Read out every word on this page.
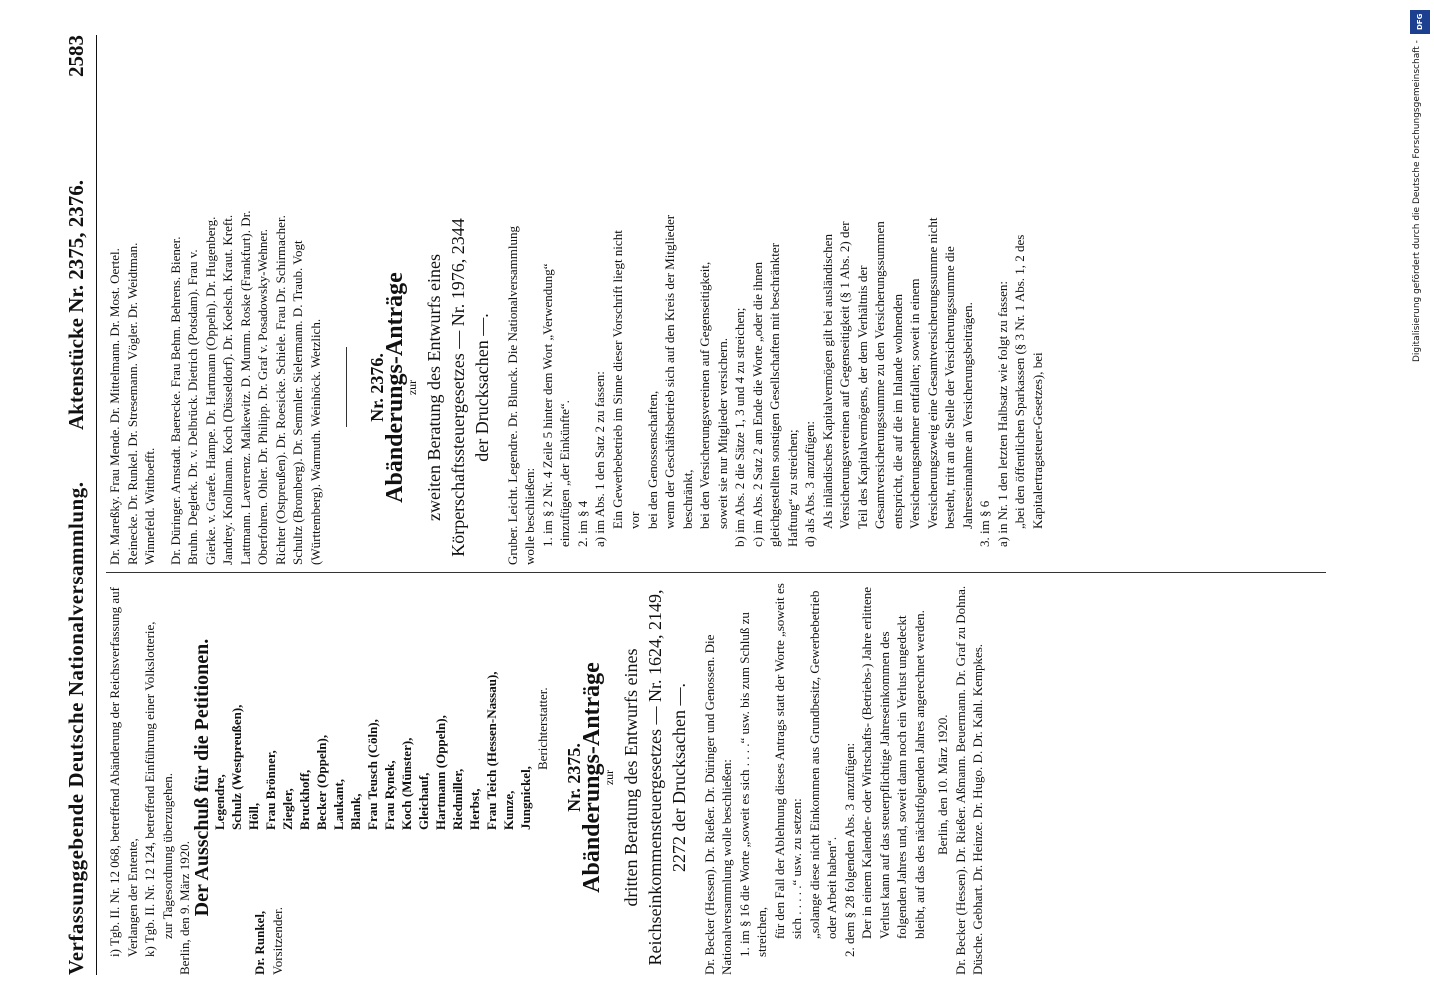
Verfassunggebende Deutsche Nationalversammlung.
Aktenstücke Nr. 2375, 2376.
2583

i) Tgb. II. Nr. 12 068, betreffend Abänderung der Reichsverfassung auf Verlangen der Entente, k) Tgb. II. Nr. 12 124, betreffend Einführung einer Volkslotterie, zur Tagesordnung überzugehen. Berlin, den 9. März 1920.

Der Ausschuß für die Petitionen. Legendre, Schulz (Westpreußen), Höll, Frau Brönner, Ziegler, Bruckhoff, Becker (Oppeln), Laukant, Blank, Frau Teusch (Cöln), Frau Rynek, Koch (Münster), Gleichauf, Hartmann (Oppeln), Riedmiller, Herbst, Frau Teich (Hessen-Nassau), Kunze, Jungnickel,
Berichterstatter.

Dr. Runkel, Vorsitzender.

Nr. 2375.

Abänderungs-Anträge

zur dritten Beratung des Entwurfs eines Reichseinkommensteuergesetzes — Nr. 1624, 2149, 2272 der Drucksachen —. Dr. Becker (Hessen). Dr. Rießer. Dr. Düringer und Genossen. Die Nationalversammlung wolle beschließen: 1. im § 16 die Worte „soweit es sich . . . .“ usw. bis zum Schluß zu streichen, für den Fall der Ablehnung dieses Antrags statt der Worte „soweit es sich . . . . .“ usw. zu setzen: „solange diese nicht Einkommen aus Grundbesitz, Gewerbebetrieb oder Arbeit haben“. 2. dem § 28 folgenden Abs. 3 anzufügen: Der in einem Kalender- oder Wirtschafts- (Betriebs-) Jahre erlittene Verlust kann auf das steuerpflichtige Jahreseinkommen des folgenden Jahres und, soweit dann noch ein Verlust ungedeckt bleibt, auf das des nächstfolgenden Jahres angerechnet werden. Berlin, den 10. März 1920. Dr. Becker (Hessen). Dr. Rießer. Aßmann. Beuermann. Dr. Graf zu Dohna. Düsche. Gebhart. Dr. Heinze. Dr. Hugo. D. Dr. Kahl. Kempkes.

Dr. Mareßky. Frau Mende. Dr. Mittelmann. Dr. Most. Oertel. Reinecke. Dr. Runkel. Dr. Stresemann. Vögler. Dr. Weidtman. Winnefeld. Witthoefft. Dr. Düringer. Arnstadt. Baerecke. Frau Behm. Behrens. Biener. Bruhn. Deglerk. Dr. v. Delbrück. Dietrich (Potsdam). Frau v. Gierke. v. Graefe. Hampe. Dr. Hartmann (Oppeln). Dr. Hugenberg. Jandrey. Knollmann. Koch (Düsseldorf). Dr. Koelsch. Kraut. Kreft. Lattmann. Laverrenz. Malkewitz. D. Mumm. Roske (Frankfurt). Dr. Oberfohren. Ohler. Dr. Philipp. Dr. Graf v. Posadowsky-Wehner. Richter (Ostpreußen). Dr. Roesicke. Schiele. Frau Dr. Schirmacher. Schultz (Bromberg). Dr. Semmler. Sielermann. D. Traub. Vogt (Württemberg). Warmuth. Weinhöck. Wetzlich. Nr. 2376.

Abänderungs-Anträge

zur zweiten Beratung des Entwurfs eines Körperschaftssteuergesetzes — Nr. 1976, 2344 der Drucksachen —. Gruber. Leicht. Legendre. Dr. Blunck. Die Nationalversammlung wolle beschließen: 1. im § 2 Nr. 4 Zeile 5 hinter dem Wort „Verwendung“ einzufügen „der Einkünfte“. 2. im § 4 a) im Abs. 1 den Satz 2 zu fassen: Ein Gewerbebetrieb im Sinne dieser Vorschrift liegt nicht vor bei den Genossenschaften, wenn der Geschäftsbetrieb sich auf den Kreis der Mitglieder beschränkt, bei den Versicherungsvereinen auf Gegenseitigkeit, soweit sie nur Mitglieder versichern. b) im Abs. 2 die Sätze 1, 3 und 4 zu streichen; c) im Abs. 2 Satz 2 am Ende die Worte „oder die ihnen gleichgestellten sonstigen Gesellschaften mit beschränkter Haftung“ zu streichen; d) als Abs. 3 anzufügen: Als inländisches Kapitalvermögen gilt bei ausländischen Versicherungsvereinen auf Gegenseitigkeit (§ 1 Abs. 2) der Teil des Kapitalvermögens, der dem Verhältnis der Gesamtversicherungssumme zu den Versicherungssummen entspricht, die auf die im Inlande wohnenden Versicherungsnehmer entfallen; soweit in einem Versicherungszweig eine Gesamtversicherungssumme nicht besteht, tritt an die Stelle der Versicherungssumme die Jahreseinnahme an Versicherungsbeiträgen. 3. im § 6 a) in Nr. 1 den letzten Halbsatz wie folgt zu fassen: „bei den öffentlichen Sparkassen (§ 3 Nr. 1 Abs. 1, 2 des Kapitalertragsteuer-Gesetzes), bei

DFG
Digitalisierung gefördert durch die Deutsche Forschungsgemeinschaft -
